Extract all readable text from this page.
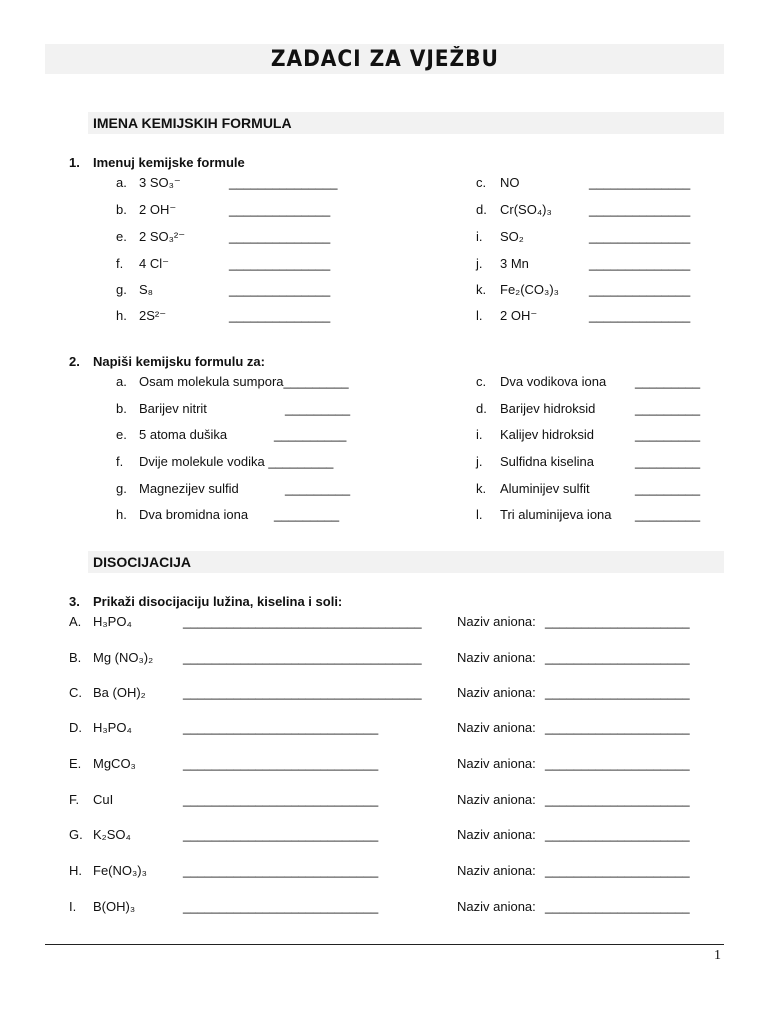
ZADACI ZA VJEŽBU
IMENA KEMIJSKIH FORMULA
1. Imenuj kemijske formule
a. 3 SO₃⁻	_______________
b. 2 OH⁻	______________
e. 2 SO₃²⁻	______________
f. 4 Cl⁻	______________
g. S₈	______________
h. 2S²⁻	______________
c. NO	______________
d. Cr(SO₄)₃	______________
i. SO₂	______________
j. 3 Mn	______________
k. Fe₂(CO₃)₃ ______________
l. 2 OH⁻	______________
2. Napiši kemijsku formulu za:
a. Osam molekula sumpora_________
b. Barijev nitrit	_________
e. 5 atoma dušika	__________
f. Dvije molekule vodika _________
g. Magnezijev sulfid	_________
h. Dva bromidna iona _________
c. Dva vodikova iona _________
d. Barijev hidroksid	_________
i. Kalijev hidroksid	_________
j. Sulfidna kiselina	_________
k. Aluminijev sulfit	_________
l. Tri aluminijeva iona _________
DISOCIJACIJA
3. Prikaži disocijaciju lužina, kiselina i soli:
A. H₃PO₄	_________________________________	Naziv aniona: ____________________
B. Mg (NO₃)₂ _________________________________	Naziv aniona: ____________________
C. Ba (OH)₂	_________________________________	Naziv aniona: ____________________
D. H₃PO₄	___________________________	Naziv aniona: ____________________
E. MgCO₃	___________________________	Naziv aniona: ____________________
F. CuI	___________________________	Naziv aniona: ____________________
G. K₂SO₄	___________________________	Naziv aniona: ____________________
H. Fe(NO₃)₃	___________________________	Naziv aniona: ____________________
I. B(OH)₃	___________________________	Naziv aniona: ____________________
1
